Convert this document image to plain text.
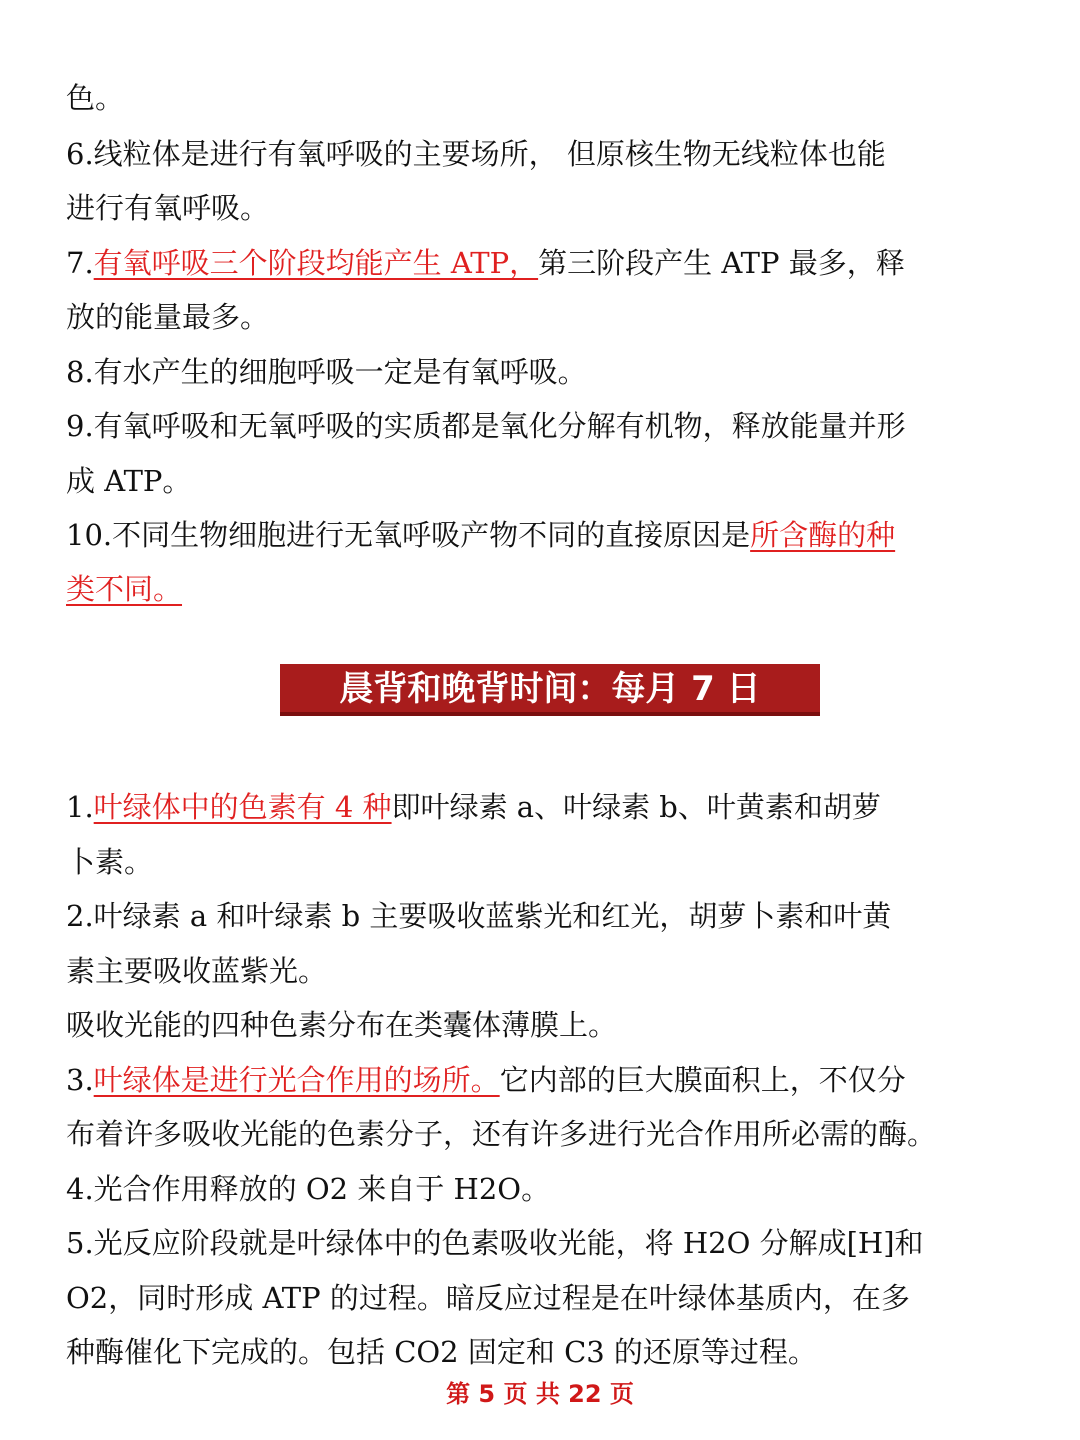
色。
6.线粒体是进行有氧呼吸的主要场所， 但原核生物无线粒体也能
进行有氧呼吸。
7.有氧呼吸三个阶段均能产生 ATP，第三阶段产生 ATP 最多，释
放的能量最多。
8.有水产生的细胞呼吸一定是有氧呼吸。
9.有氧呼吸和无氧呼吸的实质都是氧化分解有机物，释放能量并形
成 ATP。
10.不同生物细胞进行无氧呼吸产物不同的直接原因是所含酶的种
类不同。
晨背和晚背时间：每月 7 日
1.叶绿体中的色素有 4 种即叶绿素 a、叶绿素 b、叶黄素和胡萝
卜素。
2.叶绿素 a 和叶绿素 b 主要吸收蓝紫光和红光，胡萝卜素和叶黄
素主要吸收蓝紫光。
吸收光能的四种色素分布在类囊体薄膜上。
3.叶绿体是进行光合作用的场所。它内部的巨大膜面积上，不仅分
布着许多吸收光能的色素分子，还有许多进行光合作用所必需的酶。
4.光合作用释放的 O2 来自于 H2O。
5.光反应阶段就是叶绿体中的色素吸收光能，将 H2O 分解成[H]和
O2，同时形成 ATP 的过程。暗反应过程是在叶绿体基质内，在多
种酶催化下完成的。包括 CO2 固定和 C3 的还原等过程。
第 5 页 共 22 页
